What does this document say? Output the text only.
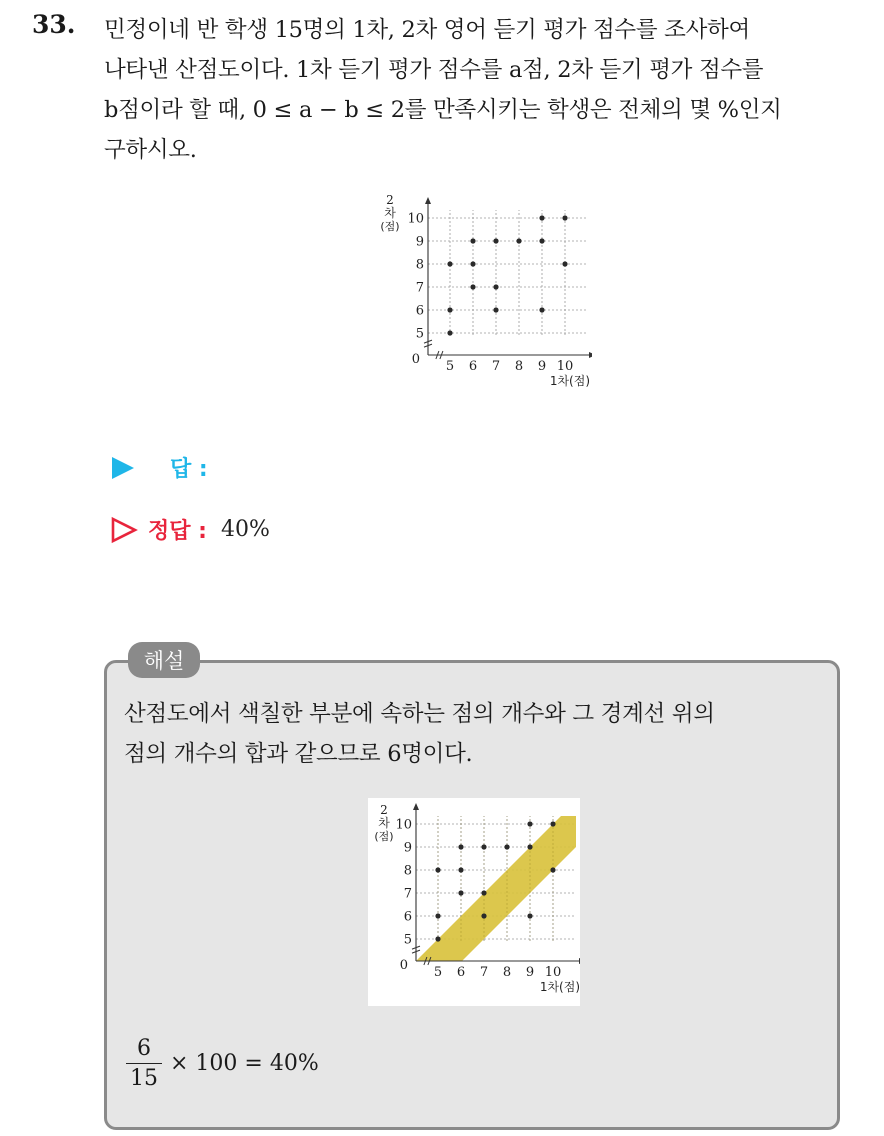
33. 민정이네 반 학생 15명의 1차, 2차 영어 듣기 평가 점수를 조사하여
나타낸 산점도이다. 1차 듣기 평가 점수를 a점, 2차 듣기 평가 점수를
b점이라 할 때, 0 ≤ a − b ≤ 2를 만족시키는 학생은 전체의 몇 %인지
구하시오.
5 6 7 8 9 10
5
6
7
8
9
10
0
2
차
(점)
1차(점)
답 :
정답 : 40%
해설
산점도에서 색칠한 부분에 속하는 점의 개수와 그 경계선 위의
점의 개수의 합과 같으므로 6명이다.
5 6 7 8 9 10
5
6
7
8
9
10
0
2
차
(점)
1차(점)
$\frac{6}{15} \times 100 = 40\%$
